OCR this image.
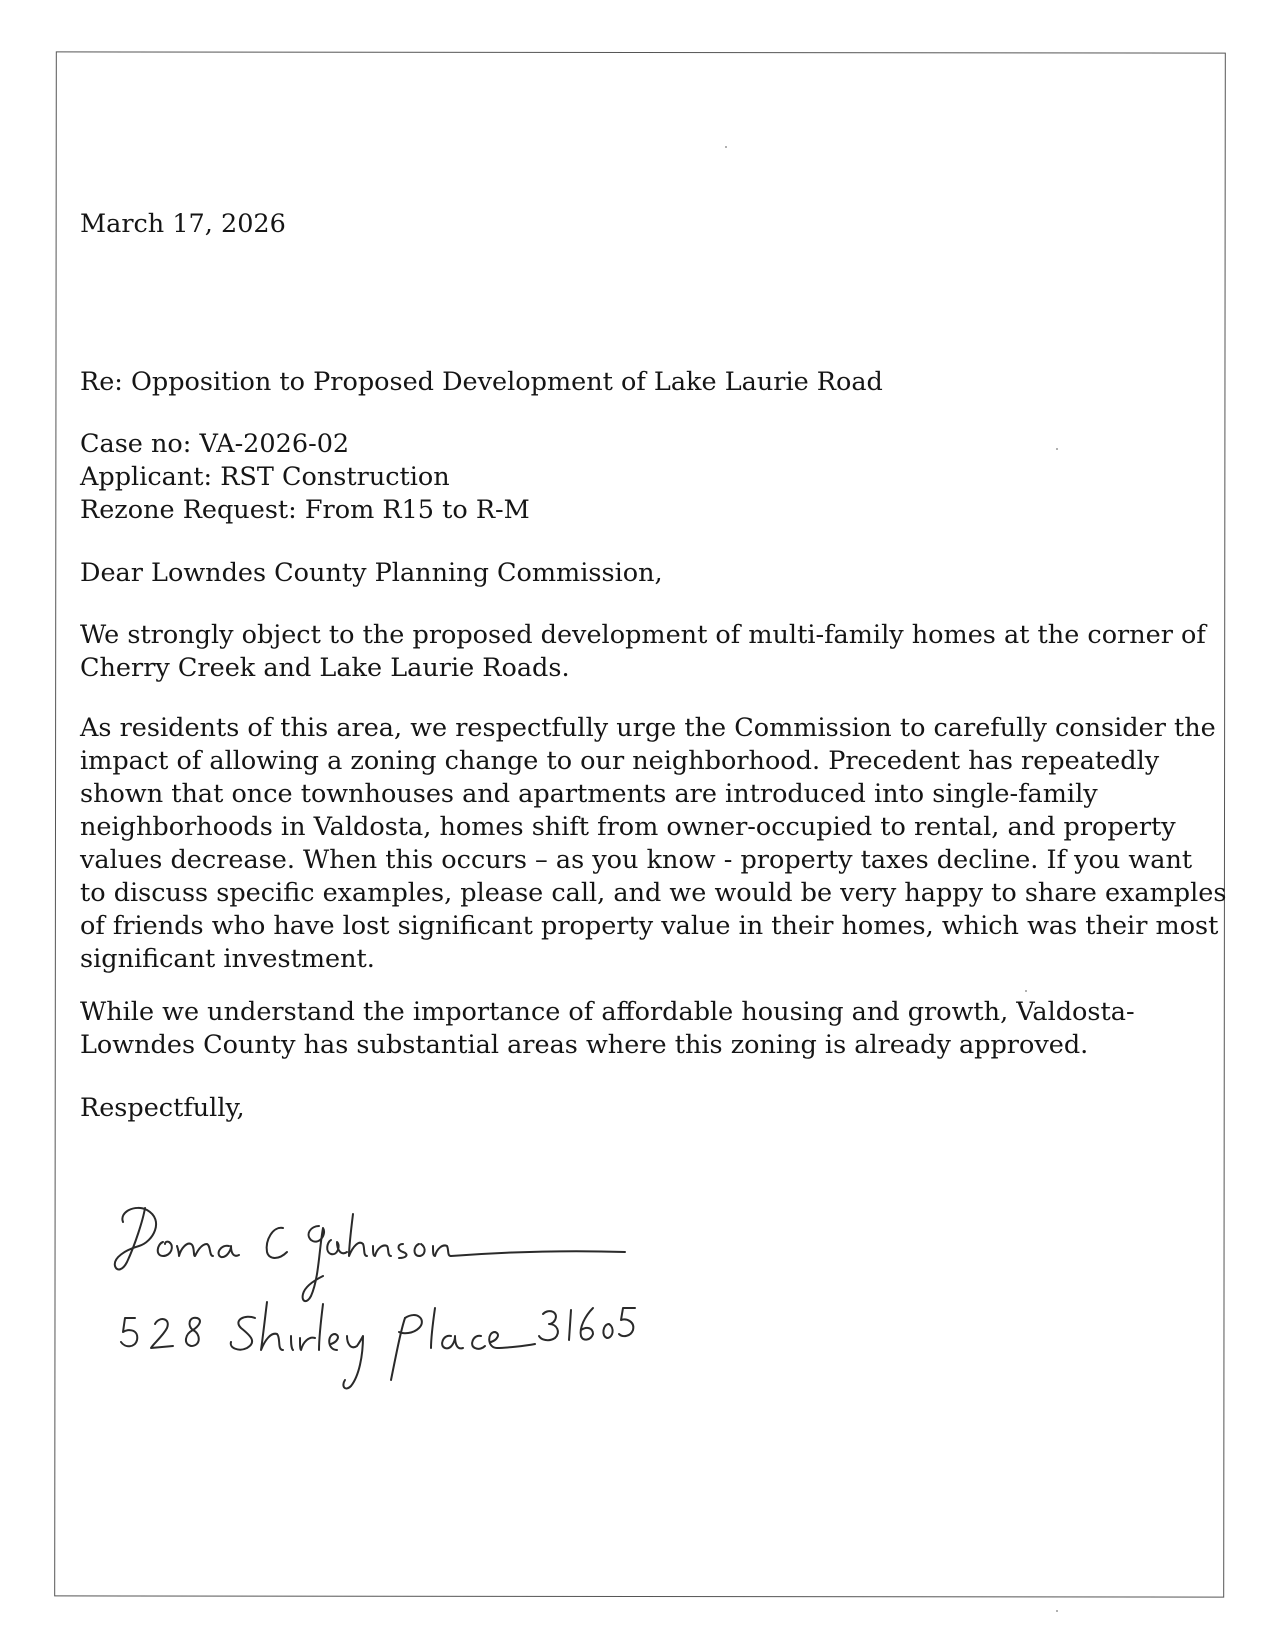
March 17, 2026

Re: Opposition to Proposed Development of Lake Laurie Road

Case no: VA-2026-02
Applicant: RST Construction
Rezone Request: From R15 to R-M

Dear Lowndes County Planning Commission,

We strongly object to the proposed development of multi-family homes at the corner of
Cherry Creek and Lake Laurie Roads.

As residents of this area, we respectfully urge the Commission to carefully consider the
impact of allowing a zoning change to our neighborhood. Precedent has repeatedly
shown that once townhouses and apartments are introduced into single-family
neighborhoods in Valdosta, homes shift from owner-occupied to rental, and property
values decrease. When this occurs – as you know - property taxes decline. If you want
to discuss specific examples, please call, and we would be very happy to share examples
of friends who have lost significant property value in their homes, which was their most
significant investment.

While we understand the importance of affordable housing and growth, Valdosta-
Lowndes County has substantial areas where this zoning is already approved.

Respectfully,
